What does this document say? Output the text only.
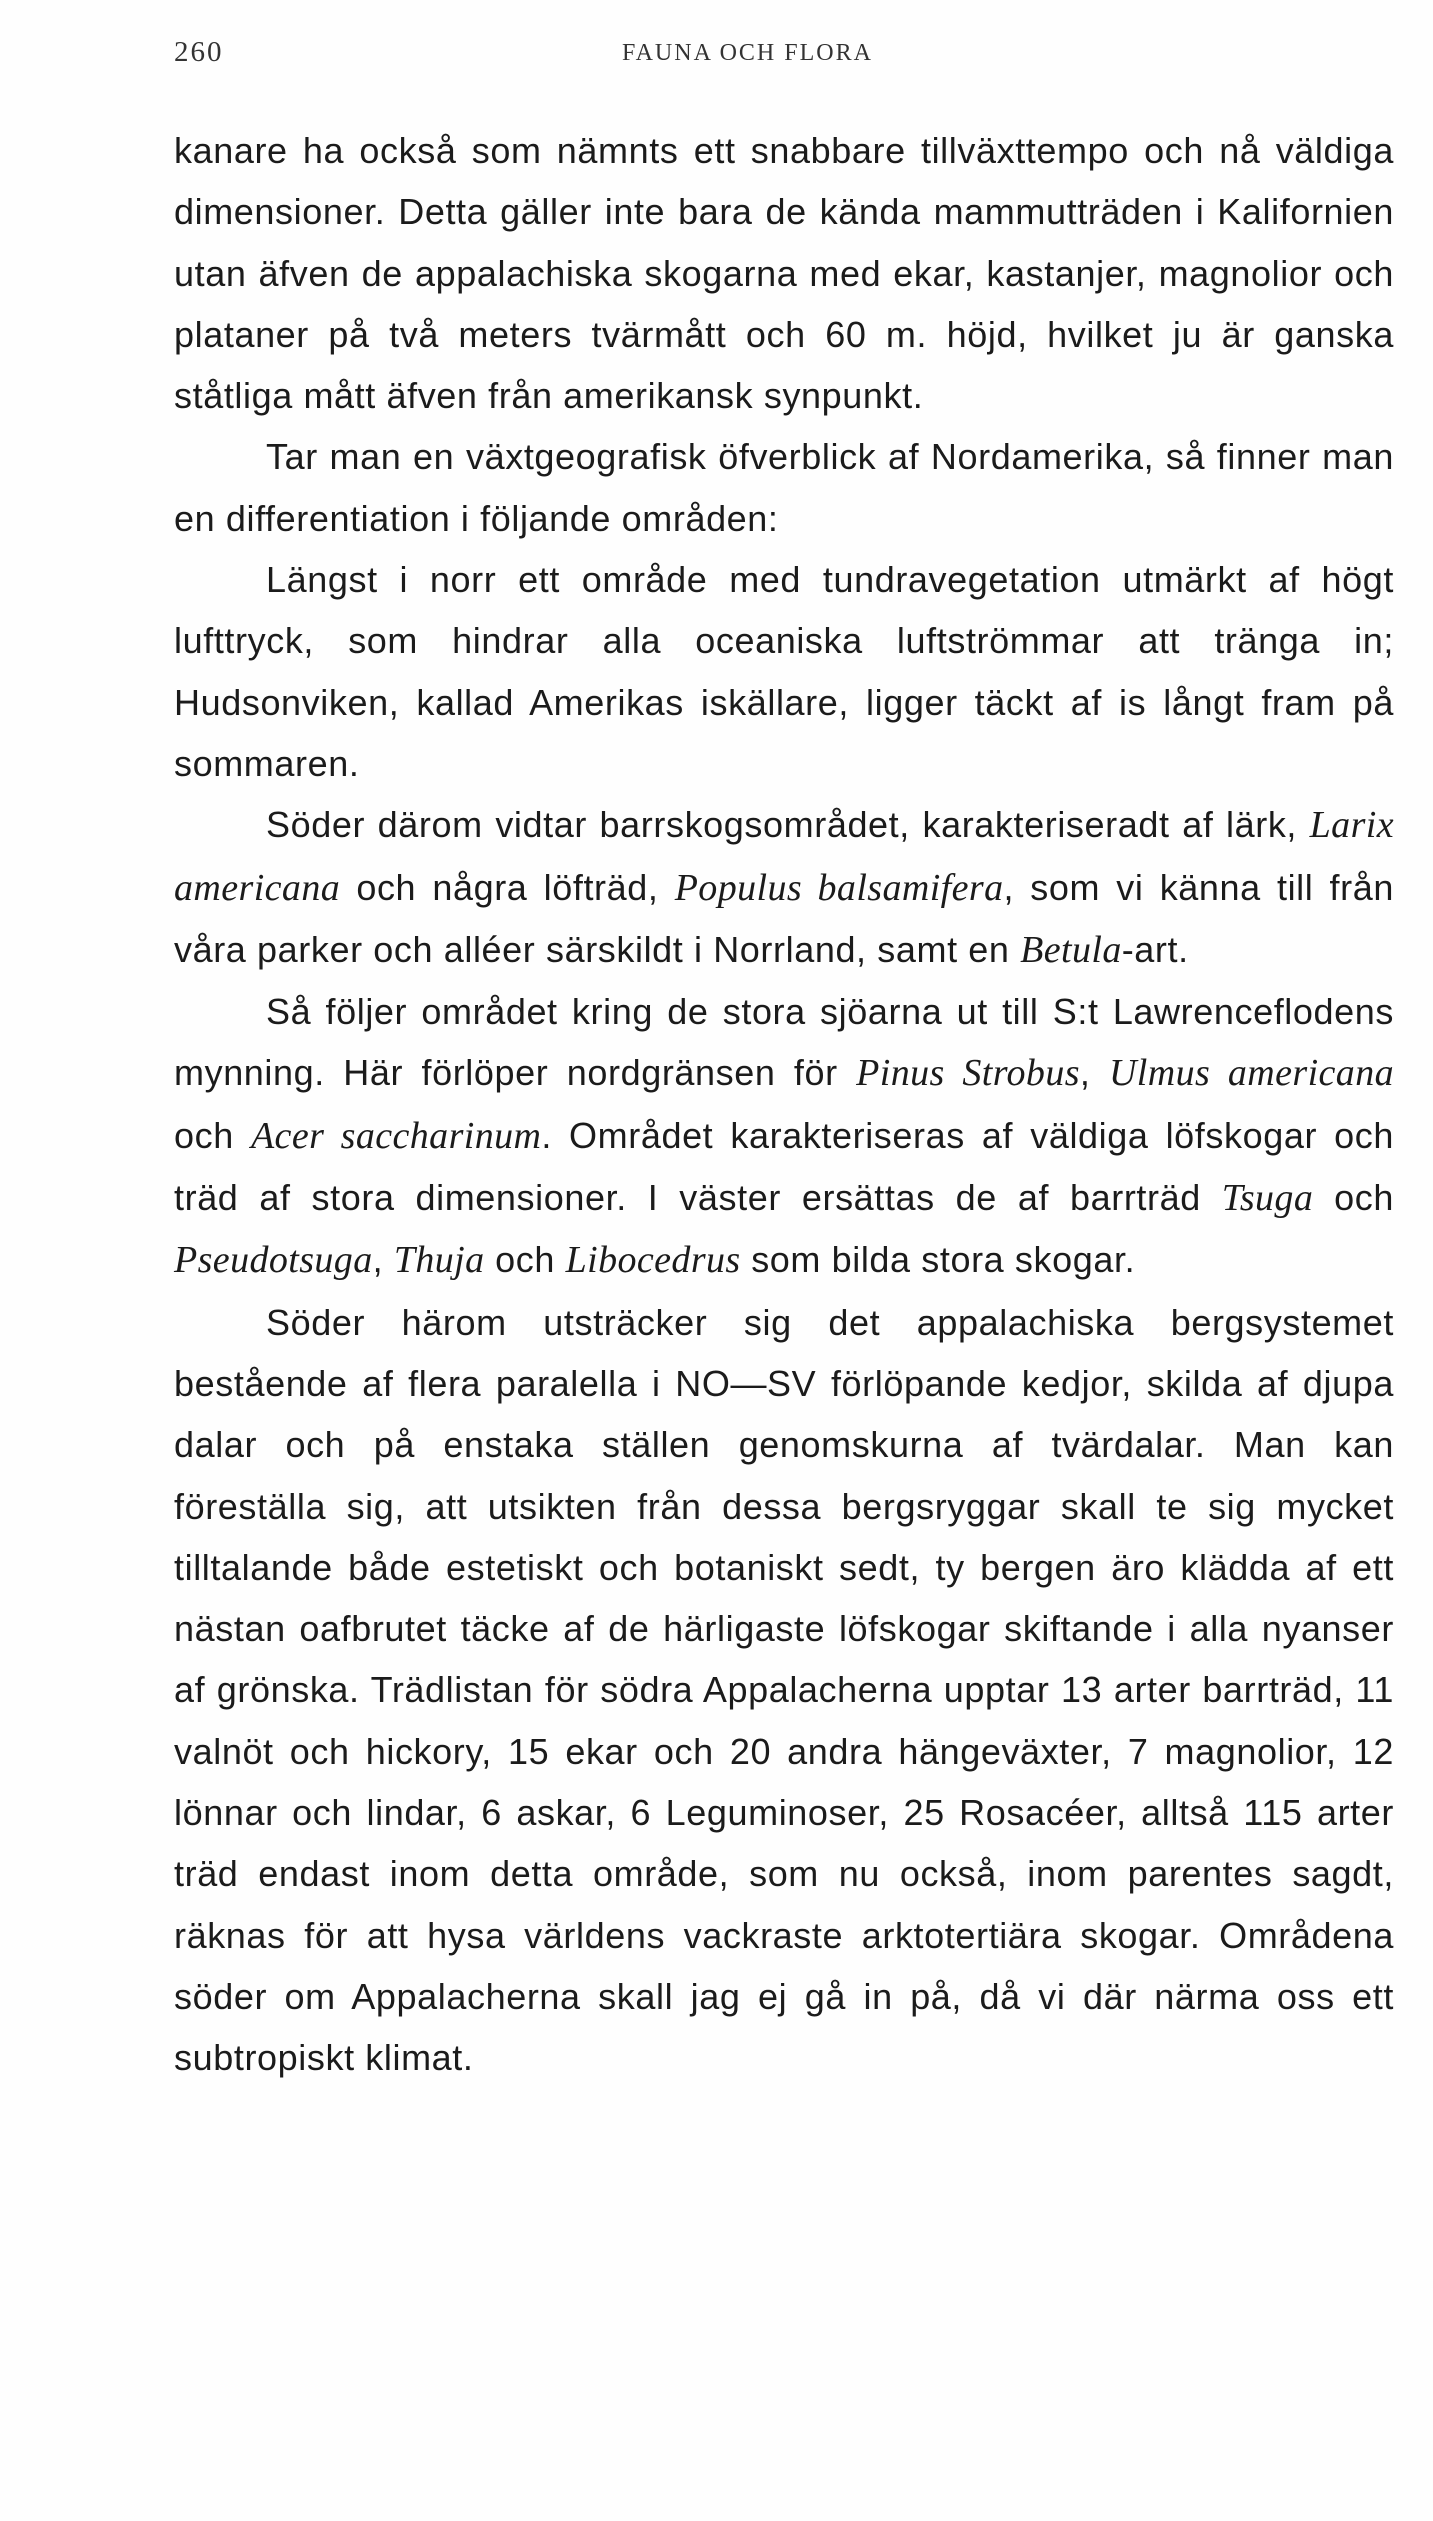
260	FAUNA OCH FLORA

kanare ha också som nämnts ett snabbare tillväxttempo och nå väldiga dimensioner. Detta gäller inte bara de kända mammutträden i Kalifornien utan äfven de appalachiska skogarna med ekar, kastanjer, magnolior och plataner på två meters tvärmått och 60 m. höjd, hvilket ju är ganska ståtliga mått äfven från amerikansk synpunkt.

Tar man en växtgeografisk öfverblick af Nordamerika, så finner man en differentiation i följande områden:

Längst i norr ett område med tundravegetation utmärkt af högt lufttryck, som hindrar alla oceaniska luftströmmar att tränga in; Hudsonviken, kallad Amerikas iskällare, ligger täckt af is långt fram på sommaren.

Söder därom vidtar barrskogsområdet, karakteriseradt af lärk, Larix americana och några löfträd, Populus balsamifera, som vi känna till från våra parker och alléer särskildt i Norrland, samt en Betula-art.

Så följer området kring de stora sjöarna ut till S:t Lawrenceflodens mynning. Här förlöper nordgränsen för Pinus Strobus, Ulmus americana och Acer saccharinum. Området karakteriseras af väldiga löfskogar och träd af stora dimensioner. I väster ersättas de af barrträd Tsuga och Pseudotsuga, Thuja och Libocedrus som bilda stora skogar.

Söder härom utsträcker sig det appalachiska bergsystemet bestående af flera paralella i NO—SV förlöpande kedjor, skilda af djupa dalar och på enstaka ställen genomskurna af tvärdalar. Man kan föreställa sig, att utsikten från dessa bergsryggar skall te sig mycket tilltalande både estetiskt och botaniskt sedt, ty bergen äro klädda af ett nästan oafbrutet täcke af de härligaste löfskogar skiftande i alla nyanser af grönska. Trädlistan för södra Appalacherna upptar 13 arter barrträd, 11 valnöt och hickory, 15 ekar och 20 andra hängeväxter, 7 magnolior, 12 lönnar och lindar, 6 askar, 6 Leguminoser, 25 Rosacéer, alltså 115 arter träd endast inom detta område, som nu också, inom parentes sagdt, räknas för att hysa världens vackraste arktotertiära skogar. Områdena söder om Appalacherna skall jag ej gå in på, då vi där närma oss ett subtropiskt klimat.
